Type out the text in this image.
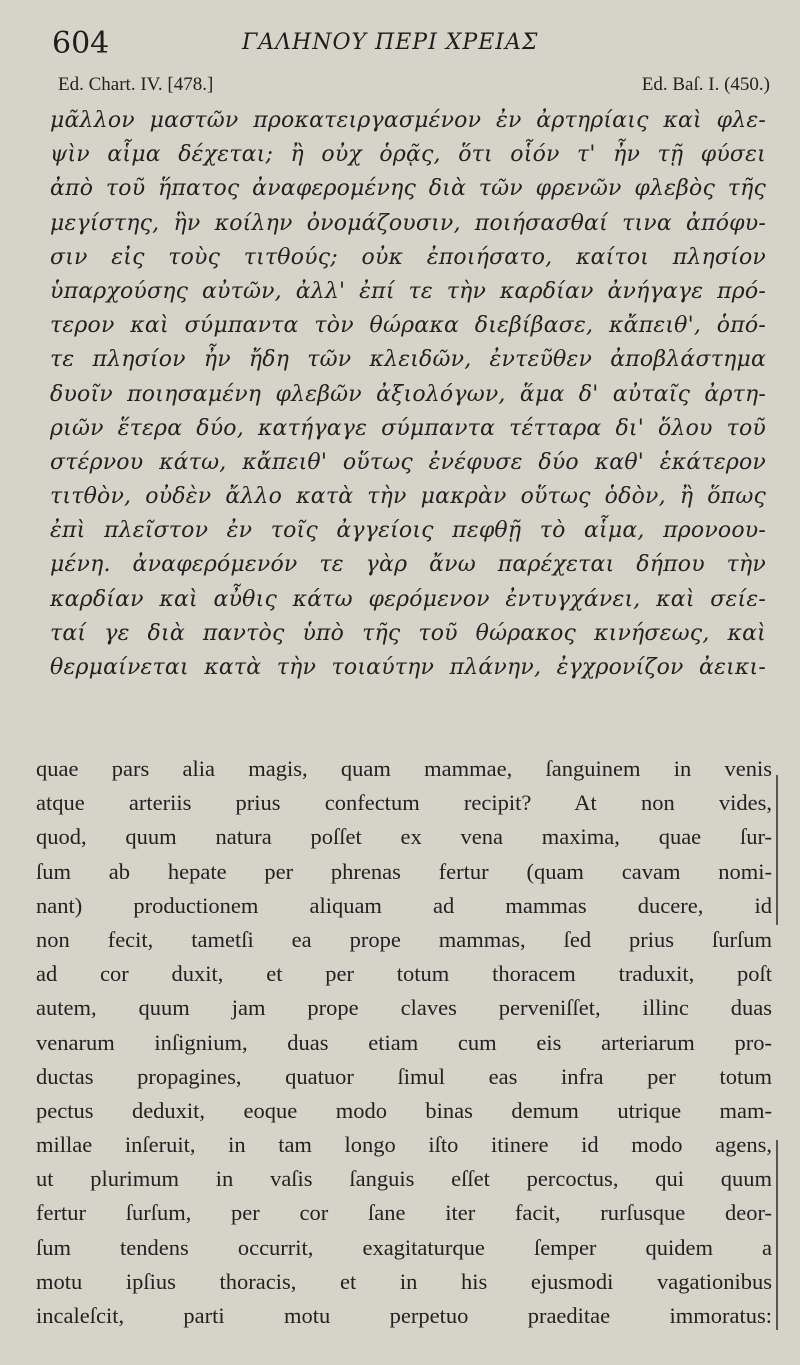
604	ΓΑΛΗΝΟΥ ΠΕΡΙ ΧΡΕΙΑΣ
Ed. Chart. IV. [478.]	Ed. Baſ. I. (450.)
μᾶλλον μαστῶν προκατειργασμένον ἐν ἀρτηρίαις καὶ φλε-
ψὶν αἷμα δέχεται; ἢ οὐχ ὁρᾷς, ὅτι οἷόν τ' ἦν τῇ φύσει
ἀπὸ τοῦ ἥπατος ἀναφερομένης διὰ τῶν φρενῶν φλεβὸς τῆς
μεγίστης, ἣν κοίλην ὀνομάζουσιν, ποιήσασθαί τινα ἀπόφυ-
σιν εἰς τοὺς τιτθούς; οὐκ ἐποιήσατο, καίτοι πλησίον
ὑπαρχούσης αὐτῶν, ἀλλ' ἐπί τε τὴν καρδίαν ἀνήγαγε πρό-
τερον καὶ σύμπαντα τὸν θώρακα διεβίβασε, κἄπειθ', ὁπό-
τε πλησίον ἦν ἤδη τῶν κλειδῶν, ἐντεῦθεν ἀποβλάστημα
δυοῖν ποιησαμένη φλεβῶν ἀξιολόγων, ἅμα δ' αὐταῖς ἀρτη-
ριῶν ἕτερα δύο, κατήγαγε σύμπαντα τέτταρα δι' ὅλου τοῦ
στέρνου κάτω, κἄπειθ' οὕτως ἐνέφυσε δύο καθ' ἑκάτερον
τιτθὸν, οὐδὲν ἄλλο κατὰ τὴν μακρὰν οὕτως ὁδὸν, ἢ ὅπως
ἐπὶ πλεῖστον ἐν τοῖς ἀγγείοις πεφθῇ τὸ αἷμα, προνοου-
μένη. ἀναφερόμενόν τε γὰρ ἄνω παρέχεται δήπου τὴν
καρδίαν καὶ αὖθις κάτω φερόμενον ἐντυγχάνει, καὶ σείε-
ταί γε διὰ παντὸς ὑπὸ τῆς τοῦ θώρακος κινήσεως, καὶ
θερμαίνεται κατὰ τὴν τοιαύτην πλάνην, ἐγχρονίζον ἀεικι-
quae pars alia magis, quam mammae, ſanguinem in venis
atque arteriis prius confectum recipit? At non vides,
quod, quum natura poſſet ex vena maxima, quae ſur-
ſum ab hepate per phrenas fertur (quam cavam nomi-
nant) productionem aliquam ad mammas ducere, id
non fecit, tametſi ea prope mammas, ſed prius ſurſum
ad cor duxit, et per totum thoracem traduxit, poſt
autem, quum jam prope claves perveniſſet, illinc duas
venarum inſignium, duas etiam cum eis arteriarum pro-
ductas propagines, quatuor ſimul eas infra per totum
pectus deduxit, eoque modo binas demum utrique mam-
millae inſeruit, in tam longo iſto itinere id modo agens,
ut plurimum in vaſis ſanguis eſſet percoctus, qui quum
fertur ſurſum, per cor ſane iter facit, rurſusque deor-
ſum tendens occurrit, exagitaturque ſemper quidem a
motu ipſius thoracis, et in his ejusmodi vagationibus
incaleſcit, parti motu perpetuo praeditae immoratus:
